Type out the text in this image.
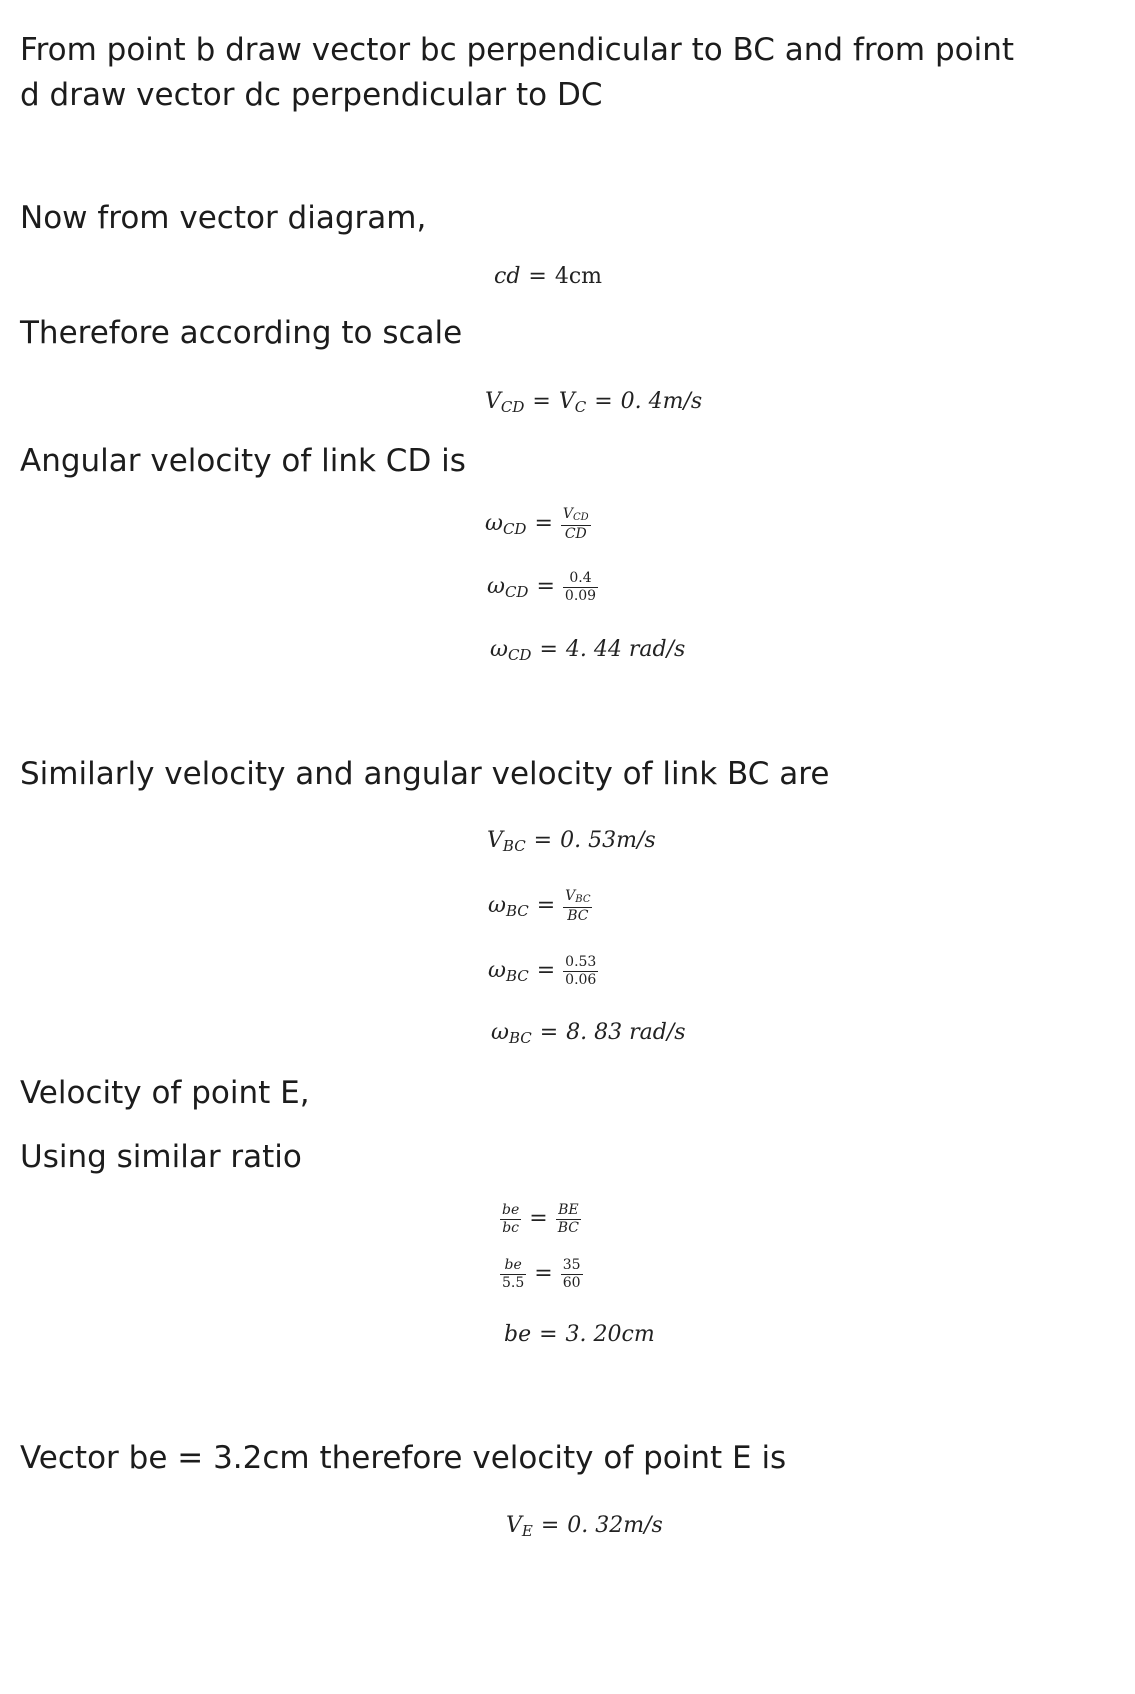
From point b draw vector bc perpendicular to BC and from point d draw vector dc perpendicular to DC

Now from vector diagram,

cd = 4cm

Therefore according to scale

$V_{CD} = V_C = 0$. 4m/s

Angular velocity of link CD is

$\omega_{CD} = \frac{V_{CD}}{CD}$
$\omega_{CD} = \frac{0.4}{0.09}$
$\omega_{CD} = 4$. 44 rad/s

Similarly velocity and angular velocity of link BC are

$V_{BC} = 0$. 53m/s
$\omega_{BC} = \frac{V_{BC}}{BC}$
$\omega_{BC} = \frac{0.53}{0.06}$
$\omega_{BC} = 8$. 83 rad/s

Velocity of point E,

Using similar ratio

$\frac{be}{bc} = \frac{BE}{BC}$
$\frac{be}{5.5} = \frac{35}{60}$
be = 3. 20cm

Vector be = 3.2cm therefore velocity of point E is

$V_E = 0$. 32m/s
